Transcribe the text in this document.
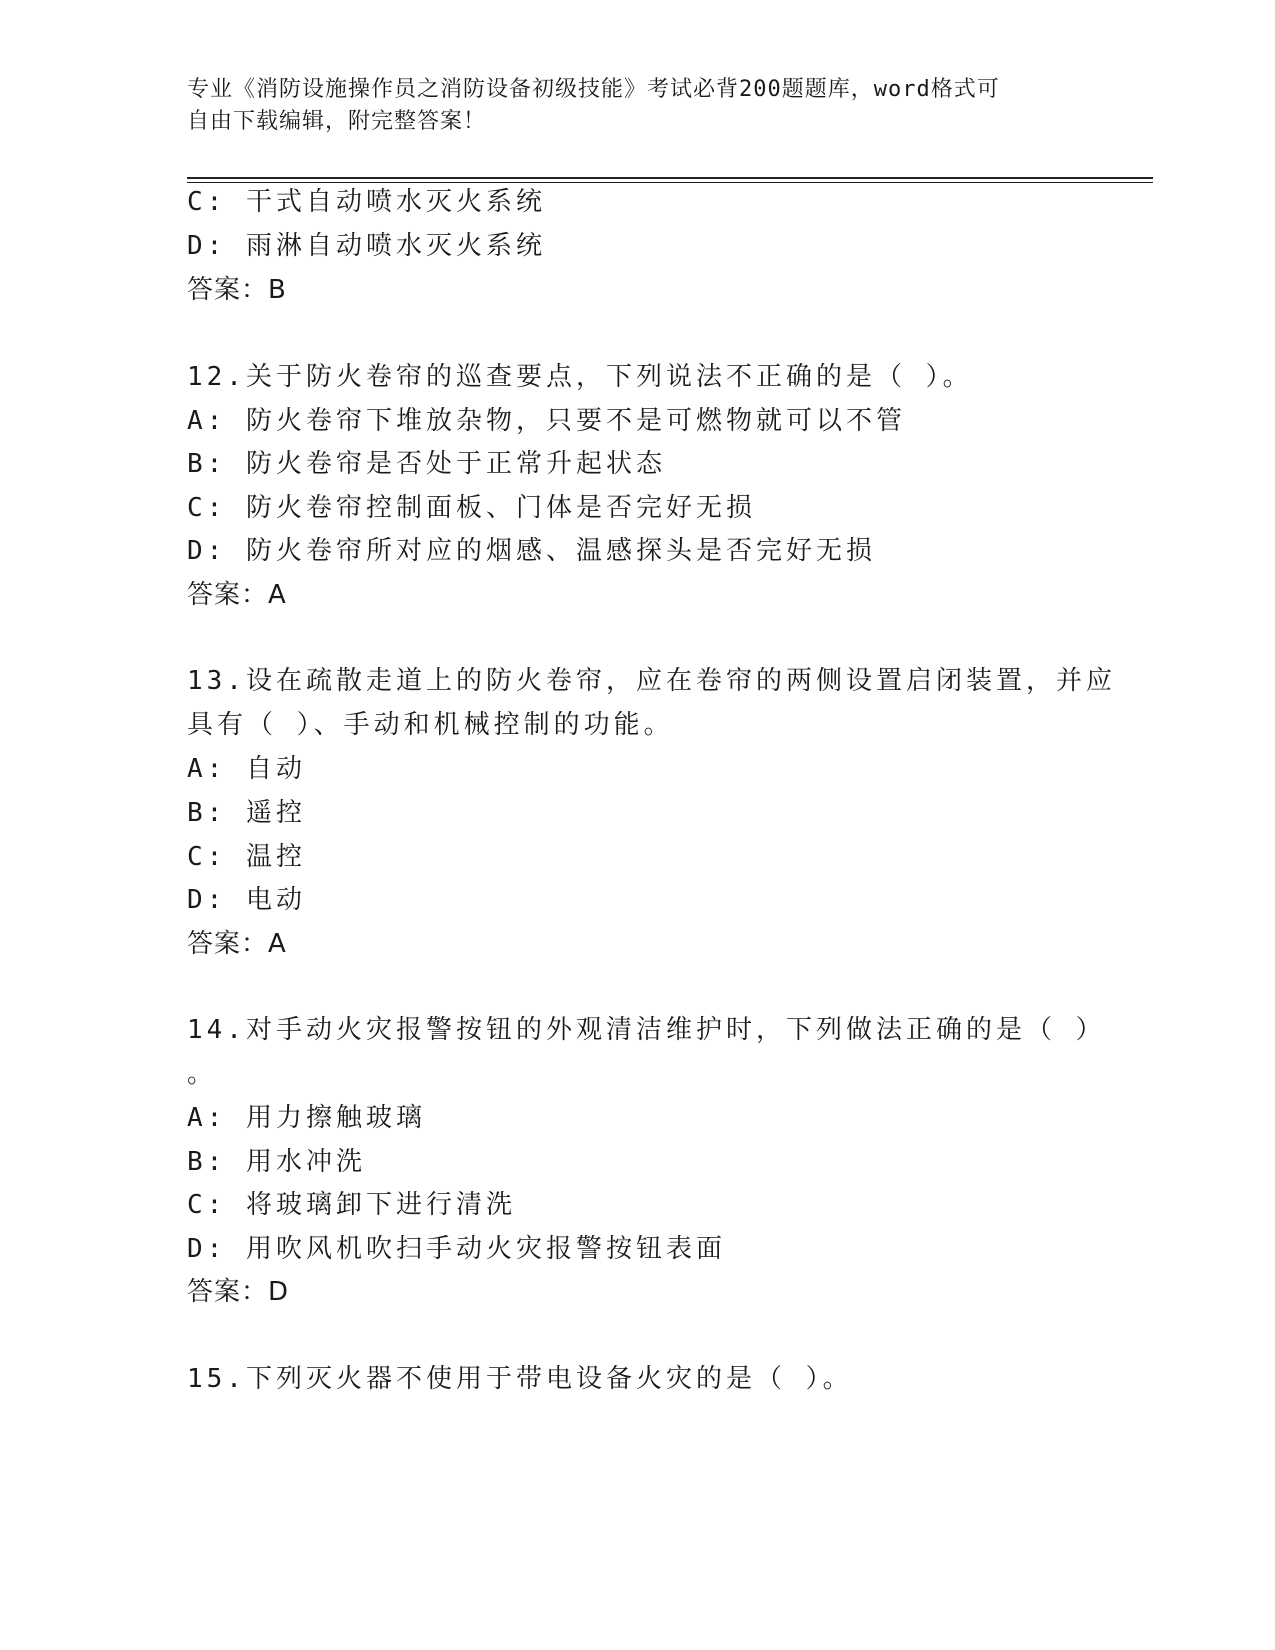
专业《消防设施操作员之消防设备初级技能》考试必背200题题库，word格式可
自由下载编辑，附完整答案！
C: 干式自动喷水灭火系统
D: 雨淋自动喷水灭火系统
答案：B
12.关于防火卷帘的巡查要点，下列说法不正确的是（ ）。
A: 防火卷帘下堆放杂物，只要不是可燃物就可以不管
B: 防火卷帘是否处于正常升起状态
C: 防火卷帘控制面板、门体是否完好无损
D: 防火卷帘所对应的烟感、温感探头是否完好无损
答案：A
13.设在疏散走道上的防火卷帘，应在卷帘的两侧设置启闭装置，并应
具有（ ）、手动和机械控制的功能。
A: 自动
B: 遥控
C: 温控
D: 电动
答案：A
14.对手动火灾报警按钮的外观清洁维护时，下列做法正确的是（ ）
。
A: 用力擦触玻璃
B: 用水冲洗
C: 将玻璃卸下进行清洗
D: 用吹风机吹扫手动火灾报警按钮表面
答案：D
15.下列灭火器不使用于带电设备火灾的是（ ）。
